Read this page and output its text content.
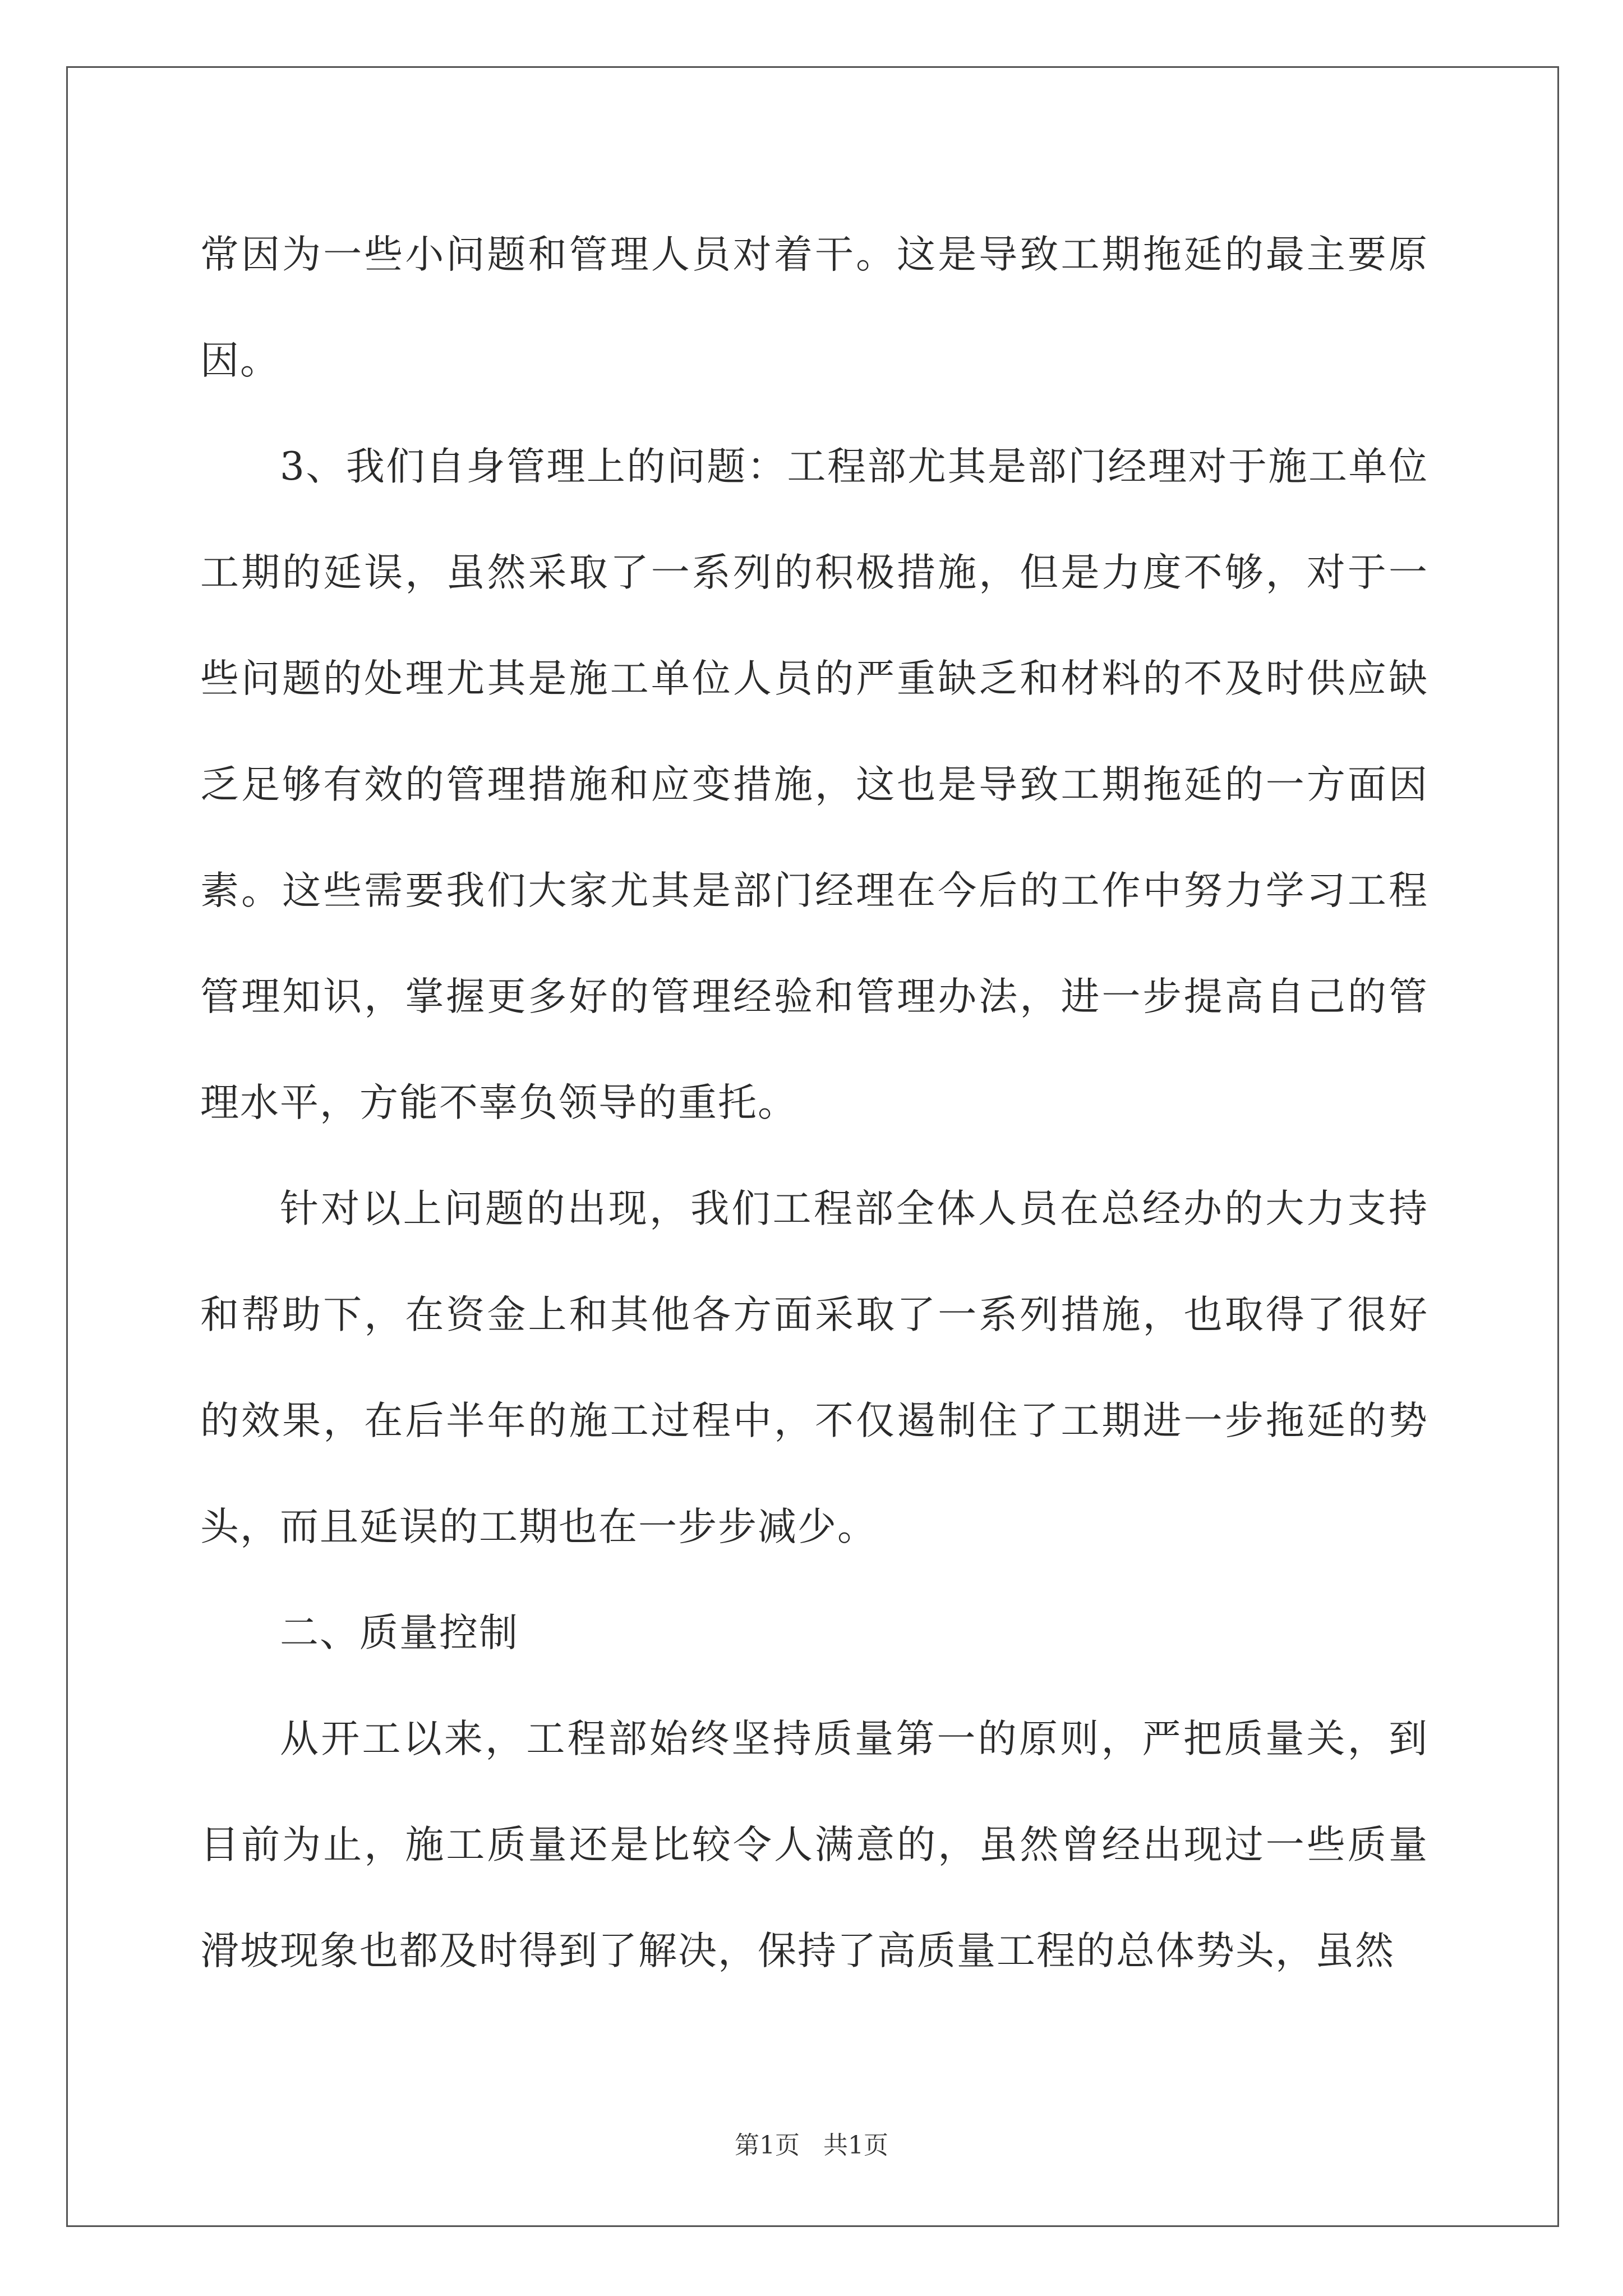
常因为一些小问题和管理人员对着干。这是导致工期拖延的最主要原因。

3、我们自身管理上的问题：工程部尤其是部门经理对于施工单位工期的延误，虽然采取了一系列的积极措施，但是力度不够，对于一些问题的处理尤其是施工单位人员的严重缺乏和材料的不及时供应缺乏足够有效的管理措施和应变措施，这也是导致工期拖延的一方面因素。这些需要我们大家尤其是部门经理在今后的工作中努力学习工程管理知识，掌握更多好的管理经验和管理办法，进一步提高自己的管理水平，方能不辜负领导的重托。

针对以上问题的出现，我们工程部全体人员在总经办的大力支持和帮助下，在资金上和其他各方面采取了一系列措施，也取得了很好的效果，在后半年的施工过程中，不仅遏制住了工期进一步拖延的势头，而且延误的工期也在一步步减少。

二、质量控制

从开工以来，工程部始终坚持质量第一的原则，严把质量关，到目前为止，施工质量还是比较令人满意的，虽然曾经出现过一些质量滑坡现象也都及时得到了解决，保持了高质量工程的总体势头，虽然

第1页   共1页
